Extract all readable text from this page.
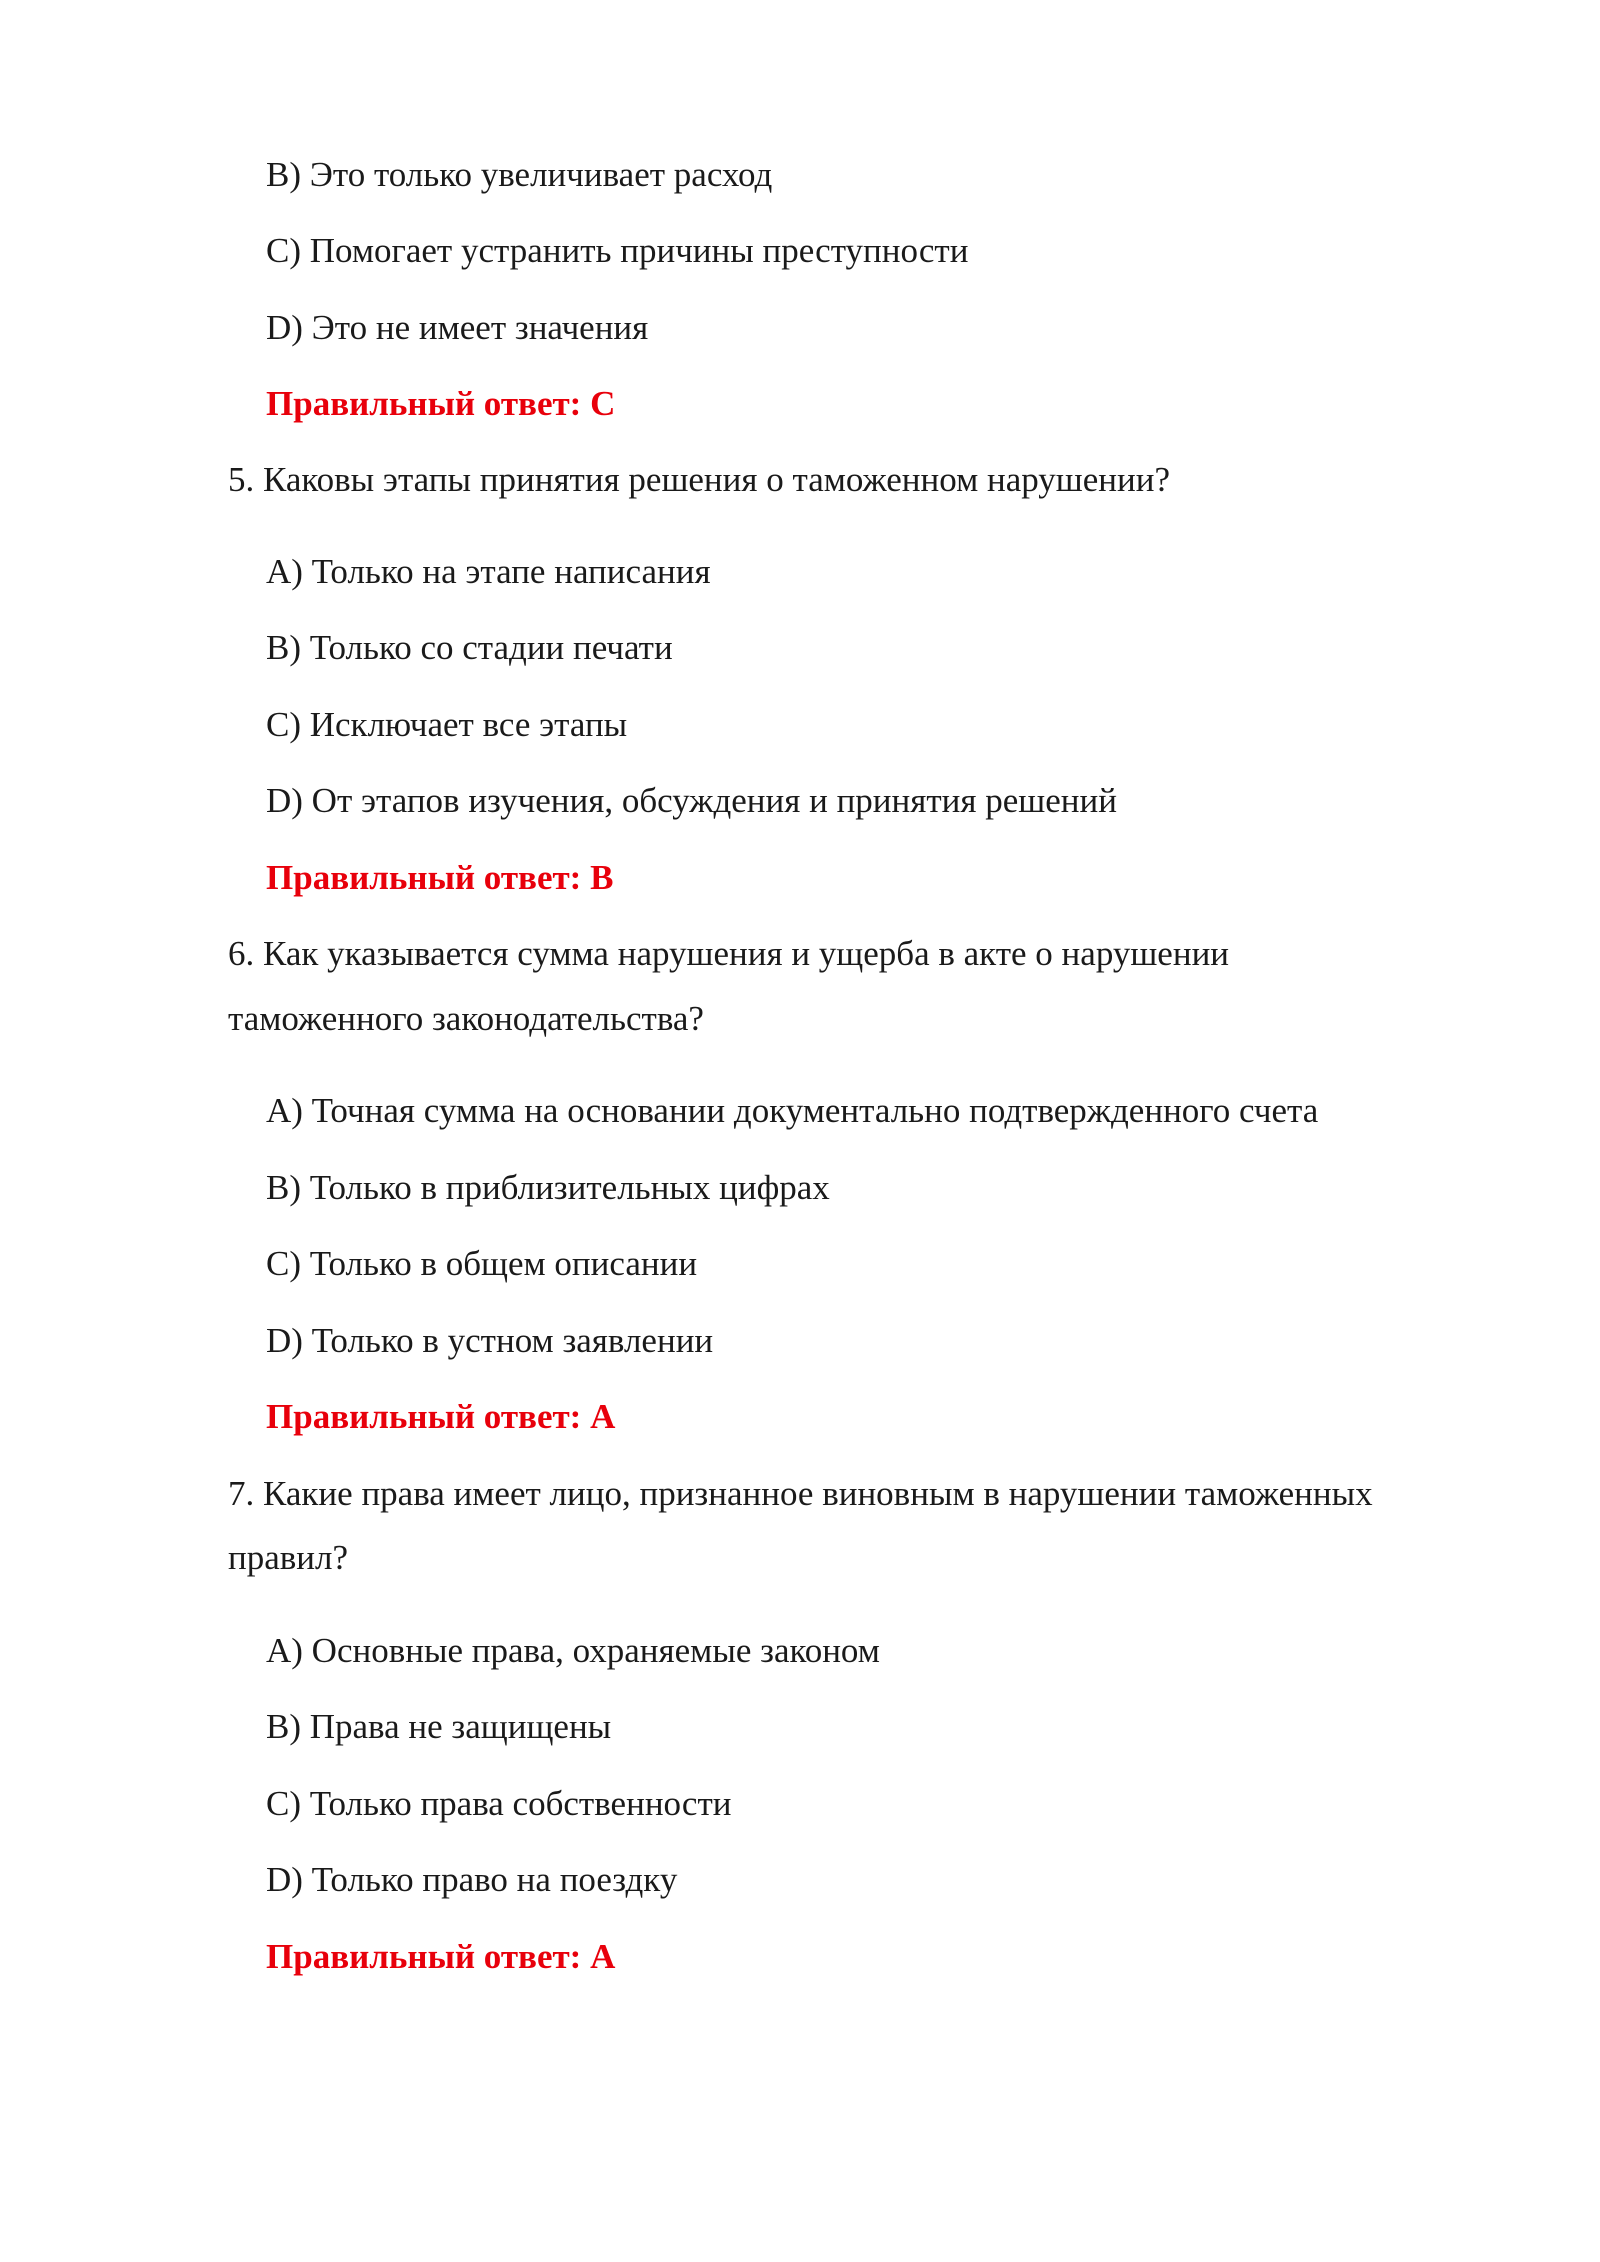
B) Это только увеличивает расход
C) Помогает устранить причины преступности
D) Это не имеет значения
Правильный ответ: C
5. Каковы этапы принятия решения о таможенном нарушении?
A) Только на этапе написания
B) Только со стадии печати
C) Исключает все этапы
D) От этапов изучения, обсуждения и принятия решений
Правильный ответ: B
6. Как указывается сумма нарушения и ущерба в акте о нарушении
таможенного законодательства?
A) Точная сумма на основании документально подтвержденного счета
B) Только в приблизительных цифрах
C) Только в общем описании
D) Только в устном заявлении
Правильный ответ: A
7. Какие права имеет лицо, признанное виновным в нарушении таможенных
правил?
A) Основные права, охраняемые законом
B) Права не защищены
C) Только права собственности
D) Только право на поездку
Правильный ответ: A
